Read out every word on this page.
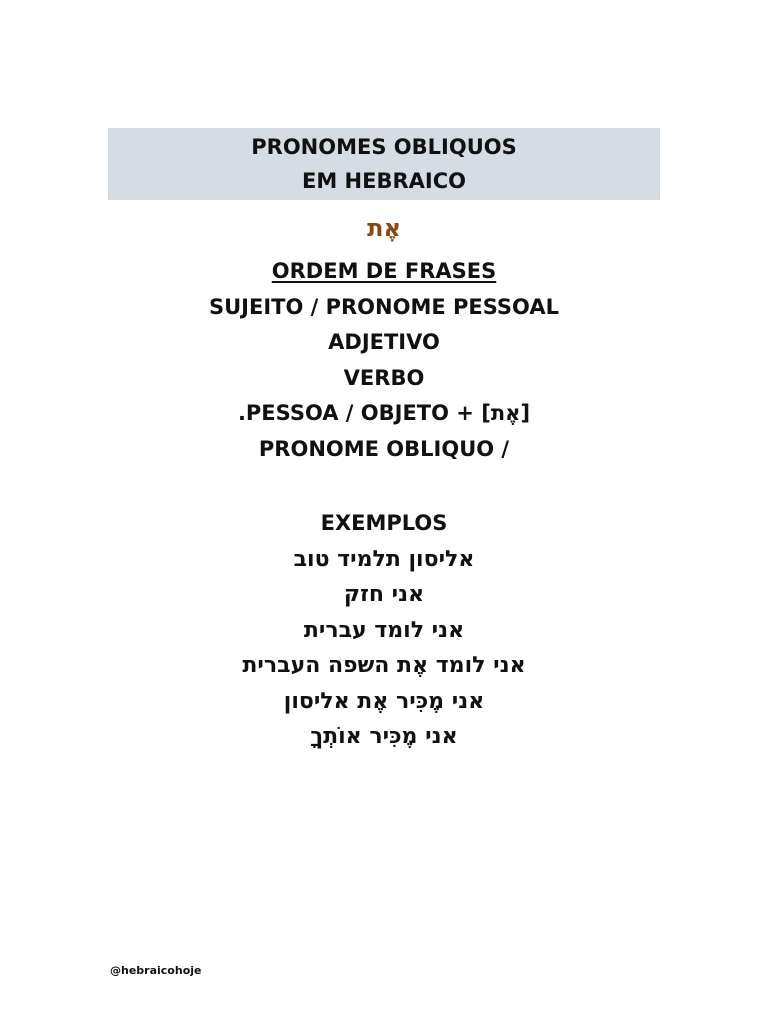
PRONOMES OBLIQUOS
EM HEBRAICO
אֶת
ORDEM DE FRASES
SUJEITO / PRONOME PESSOAL
ADJETIVO
VERBO
.PESSOA / OBJETO + [אֶת]
PRONOME OBLIQUO /
EXEMPLOS
אליסון תלמיד טוב
אני חזק
אני לומד עברית
אני לומד אֶת השפה העברית
אני מֶכִּיר אֶת אליסון
אני מֶכִּיר אוֹתְךָ
@hebraicohoje
